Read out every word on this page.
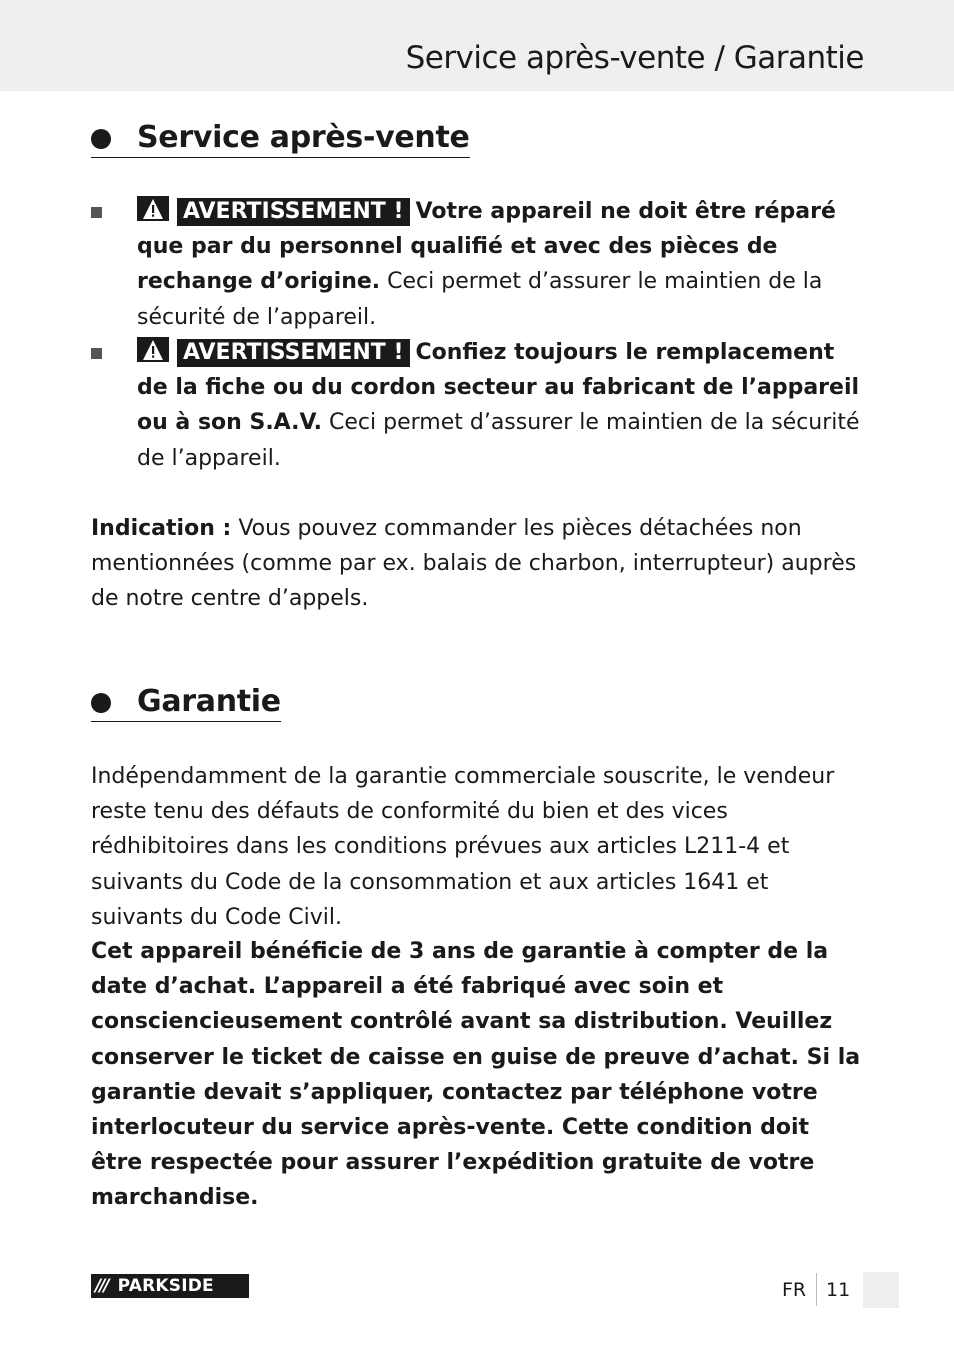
Service après-vente / Garantie
Service après-vente
AVERTISSEMENT ! Votre appareil ne doit être réparé que par du personnel qualifié et avec des pièces de rechange d’origine. Ceci permet d’assurer le maintien de la sécurité de l’appareil.
AVERTISSEMENT ! Confiez toujours le remplacement de la fiche ou du cordon secteur au fabricant de l’appareil ou à son S.A.V. Ceci permet d’assurer le maintien de la sécurité de l’appareil.

Indication : Vous pouvez commander les pièces détachées non mentionnées (comme par ex. balais de charbon, interrupteur) auprès de notre centre d’appels.

Garantie

Indépendamment de la garantie commerciale souscrite, le vendeur reste tenu des défauts de conformité du bien et des vices rédhibitoires dans les conditions prévues aux articles L211-4 et suivants du Code de la consommation et aux articles 1641 et suivants du Code Civil.

Cet appareil bénéficie de 3 ans de garantie à compter de la date d’achat. L’appareil a été fabriqué avec soin et consciencieusement contrôlé avant sa distribution. Veuillez conserver le ticket de caisse en guise de preuve d’achat. Si la garantie devait s’appliquer, contactez par téléphone votre interlocuteur du service après-vente. Cette condition doit être respectée pour assurer l’expédition gratuite de votre marchandise.

/// PARKSIDE	FR 11
